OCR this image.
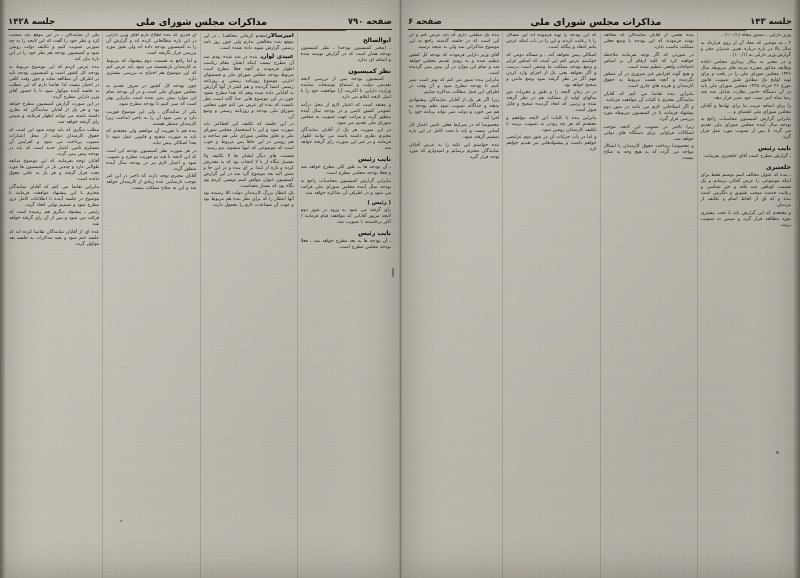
صفحه ۷۹۰
مذاکرات مجلس شورای ملی
جلسه ۱۴۲۸
ابوالصالح

ـ (مخبر کمیسیون بودجه) ـ نظر کمیسیون بودجه همان است که در گزارش نوشته شده و اضافه ای ندارد.

نظر کمیسیون

کمیسیون بودجه پس از بررسی لایحه تقدیمی دولت و استماع توضیحات نماینده وزارت دارایی با اکثریت آرا موافقت خود را با اصل لایحه اعلام می دارد.

و معتقد است که اعتبار لازم از محل درآمد عمومی کشور تامین و در بودجه سال آینده منظور گردد و مراتب جهت تصویب به مجلس شورای ملی تقدیم می شود.

در این صورت هر یک از آقایان نمایندگان محترم نظری داشته باشند می توانند اظهار فرمایند و در غیر این صورت رای گرفته خواهد شد.

نایب رئیس

ـ آن بودجه ها به طور کلی مطرح خواهد شد و فعلا بودجه مجلس مطرح است.

بنابراین گزارش کمیسیون محاسبات راجع به بودجه سال آینده مجلس شورای ملی قرائت می شود و در اطراف آن مذاکره خواهد شد.

( رئیس )

رای گرفته می شود به ورود در شور دوم لایحه مزبور آقایانی که موافقند قیام فرمایند ( اکثر برخاستند ) تصویب شد.

نایب رئیس

ـ آن بودجه ها به بعد مطرح خواهد شد ، فعلا بودجه مجلس مطرح است.

امیرسالار(مقدم کرمانی مخالف) ـ در این موقع بنده مخالفتی ندارم ولی چون روز نامه رسمی گزارش شهیه داده نشده است.

عبیدی لواریـ بنده در ضد شده بودم ضد آن مطرح نیست اینکه ایشان مقام ریاست اظهار فرمودند و آنچه فعلا مطرح است مربوط بودجه مجلس شورای ملی و قسمتهای ادارتی موضوع روزنامه رسمی و روزنامه رسمی امضا گردیده و هم کمتر از آنها گزارش به آقایانی داده شده وهم که بعدا مطرح نشود چون در این موضوع هایی جدا گانه است نظر بایست که بنده ای عرض می کنم چون مجلس شورای ملی بودجه و روزنامه رسمی و وضع آن.

در این جلسه که تکلیف این اقطاعی باید صورت شود و این با استحضار مجلس شورای ملی و تعلق مجلس شورای ملی هم ساخته و هم روشن در این جاها پس مربوط و خوب است که موضوعی که اینها میشوند بدو رسید.

قسمت های دیگر ایشان ها لا تکلیف ولا تفصیل بنگاه ار با لا انتخاب بود که به مقدرش کرده و تازه از ابتدا بر ای بنده و در این جا و منش الیه بعد موضوع گرد شد در این گزارش کمیسیون عنوان موافق اسم نویسی کردم بود نگاه بود که بسیار معماست.

یک انتظار بزرگ کارمندان دولت کلا رسیده بود آنها انتظار را که برای نظر بنده هم مربوط بود و جهت آن مساعدت لازم را معمول دارند.

آن قدری که بنده اطلاع دارم آقای وزیر دارایی در این باره مطالعاتی کرده اند و گزارش آن را به کمیسیون بودجه داده اند ولی هنوز مورد بررسی قرار نگرفته است.

و اما راجع به قسمت دوم پیشنهاد که مربوط به کارمندان بازنشسته می شود باید عرض کنم که این موضوع هم احتیاج به بررسی بیشتری دارد.

چون بودجه کل کشور در شرف تقدیم به مجلس شورای ملی است و در آن بودجه تمام این موارد پیش بینی شده است بنابراین بهتر است که صبر کنیم تا بودجه مطرح شود.

یکی از نمایندگان ـ ولی این موضوع فوریت دارد و نمی شود آن را به تاخیر انداخت زیرا کارمندان منتظر هستند.

بنده هم با فوریت آن موافقم ولی معتقدم که باید به صورت صحیح و قانونی عمل شود تا بعدا اشکالی پیش نیاید.

در هر صورت نظر کمیسیون بودجه این است که این لایحه با قید دو فوریت مطرح و تصویب شود و اعتبار لازم نیز در بودجه سال آینده منظور گردد.

آقایان محترم توجه دارند که تاخیر در این امر موجب نارضایتی عده زیادی از کارمندان خواهد شد و این به صلاح مملکت نیست.

یکی از نمایندگان ـ در این موقع باید صحبت کرد و نظر خود را گفت که این لایحه را به چه صورتی تصویب کنیم و تکلیف دولت روشن شود و کمیسیون بودجه هم نظر خود را در این باره بیان کند.

بنده عرض کردم که این موضوع مربوط به بودجه کل کشور است و کمیسیون بودجه باید در اطراف آن مطالعه نماید و چون وقت کافی در اختیار نیست لذا تقاضا دارم که این مطلب به جلسه آینده موکول شود تا با حضور آقای وزیر دارایی مطرح گردد.

در این صورت گزارش کمیسیون مطرح خواهد بود و هر یک از آقایان نمایندگان که نظری داشته باشند می توانند اظهار فرمایند و سپس رای گرفته خواهد شد.

مطلب دیگری که باید توجه شود این است که حقوق کارمندان دولت از محل اعتبارات مصوب پرداخت می شود و افزایش آن مستلزم تامین اعتبار جدید است که باید در بودجه پیش بینی گردد.

آقایان توجه بفرمایند که این موضوع سابقه طولانی دارد و چندین بار در کمیسیون ها مورد بحث قرار گرفته و هر بار به علتی معوق مانده است.

بنابراین تقاضا می کنم که آقایان نمایندگان محترم با این پیشنهاد موافقت فرمایند تا موضوع در جلسه آینده با اطلاعات کامل تری مطرح شود و تصمیم نهایی اتخاذ گردد.

رئیس ـ پیشنهاد دیگری هم رسیده است که قرائت می شود و پس از آن رای گرفته خواهد شد.

عده ای از آقایان نمایندگان تقاضا کرده اند که جلسه ختم شود و بقیه مذاکرات به جلسه بعد موکول گردد.

جلسه ۱۴۳
مذاکرات مجلس شورای ملی
صفحه ۶

وزیر دارایی ـ صدور پنجاه (۱۰۰/۱) .

۲ ـ به موجبی که مفاد آن از روی قرارداد به سال بالا در باره درباره تعیین مدیران دفتر و گزارش وزیر دارایی به (۱۰۰/۱) .

و در معتبر به بیکار پردازی مجلس اعاده وظایف مذکور مقرره مرتبه های مربوطه سال ۱۳۴۶ مجلس شورای ملی را در یافت و برای تهیه لوایح یک مطابق طبق تصویب قانون مورخ ۲۶ خرداد ۱۴۲۸ مجلس شورای ملی باید در آن دستگاه حاضر نظارت شامل شد قید رضا شاه کبیر نصب خود مدیر قرار دهد.

را برای اضافه مزیت بنا برای نهادها و آقایان مجلس شورای ملی انقضای و ...

بنابراین گزارش کمیسیون محاسبات راجع به بودجه سال آینده مجلس شورای ملی تقدیم می گردد تا پس از تصویب مورد عمل قرار گیرد.

نایب رئیس

ـ گزارش مطرح است آقای خلعتبری بفرمایید.

خلعتبری

ـ بنده که عنوان مخالف اسم نوشتم فقط برای اینکه موضوعی را عرض آقایان برسانم و یک قسمت کوتاهی چند نکته و حق شناسی و رعایت خدمت موجب تشویق و دلگرمی است بنده و که ای از لحاظ اتمام و تکلیف از مردمان.

و معتقدم که این گزارش باید با دقت بیشتری مورد مطالعه قرار گیرد و سپس به تصویب برسد.

بنده بعضی از آقایان نمایندگان که مخالف بودند فرمودند که این بودجه با وضع فعلی مملکت تناسب ندارد.

در صورتی که اگر توجه بفرمایند ملاحظه خواهند کرد که کلیه ارقام آن بر اساس احتیاجات واقعی تنظیم شده است.

و هیچ گونه افزایش غیر ضروری در آن منظور نگردیده و آنچه هست مربوط به حقوق کارمندان و هزینه های جاری است.

بنابراین بنده تقاضا می کنم که آقایان نمایندگان محترم با کلیات آن موافقت فرمایند.

و اگر اصلاحاتی لازم می دانند در شور دوم پیشنهاد فرمایند تا در کمیسیون مربوطه مورد بررسی قرار گیرد.

زیرا تاخیر در تصویب این لایحه موجب اشکالات فراوانی برای دستگاه های دولتی خواهد شد.

و مخصوصا پرداخت حقوق کارمندان با اشکال مواجه می گردد که به هیچ وجه به صلاح نیست.

که این بودجه را تهیه فرموده اند این مسائل را با رعایت کردند و این را در باب اینکه عرض بکنم انتقاد و بیگانه است.

اشکالی پیش نخواهد آمد ، و مساله دومی که خواستم عرض کنم این است که اساس غرایز و وضع بودجه مملکت ما وضعی است درست و اگر بخواهد یعنی یک از اجزای وارد کردن مهم اگر در نظر گرفته شود وضع ماندن و صحیح خواهد بود.

در در زمان الیحه را و طبق و مقررات دور سالهای اولیه از مملکت هم در نظر گرفته شده و ترتیبی که اتخاذ گردیده صحیح و قابل قبول است.

بنابراین بنده با کلیات این لایحه موافقم و معتقدم که هر چه زودتر به تصویب برسد تا تکلیف کارمندان روشن شود.

و اما در باب جزئیات آن در شور دوم عرایضی خواهم داشت و پیشنهادهایی نیز تقدیم خواهم کرد.

بنده یک مطلبی دارم که باید عرض کنم و آن این است که در جلسه گذشته راجع به این موضوع مذاکراتی شد ولی به نتیجه نرسید.

آقای وزیر دارایی فرمودند که بودجه کل کشور تنظیم شده و به زودی تقدیم مجلس خواهد شد و تمام این موارد در آن پیش بینی گردیده است.

بنابراین بنده تصور می کنم که بهتر است صبر کنیم تا بودجه مطرح شود و آن وقت در اطراف این قبیل مطالب مذاکره نماییم.

زیرا اگر هر یک از آقایان نمایندگان پیشنهادی بدهند و جداگانه تصویب شود نظم بودجه به هم می خورد و دولت نمی تواند برنامه خود را اجرا کند.

مخصوصا که در شرایط فعلی تامین اعتبار کار آسانی نیست و باید با دقت کامل در این باره تصمیم گرفته شود.

بنده خواستم این نکته را به عرض آقایان نمایندگان محترم برسانم و امیدوارم که مورد توجه قرار گیرد.
